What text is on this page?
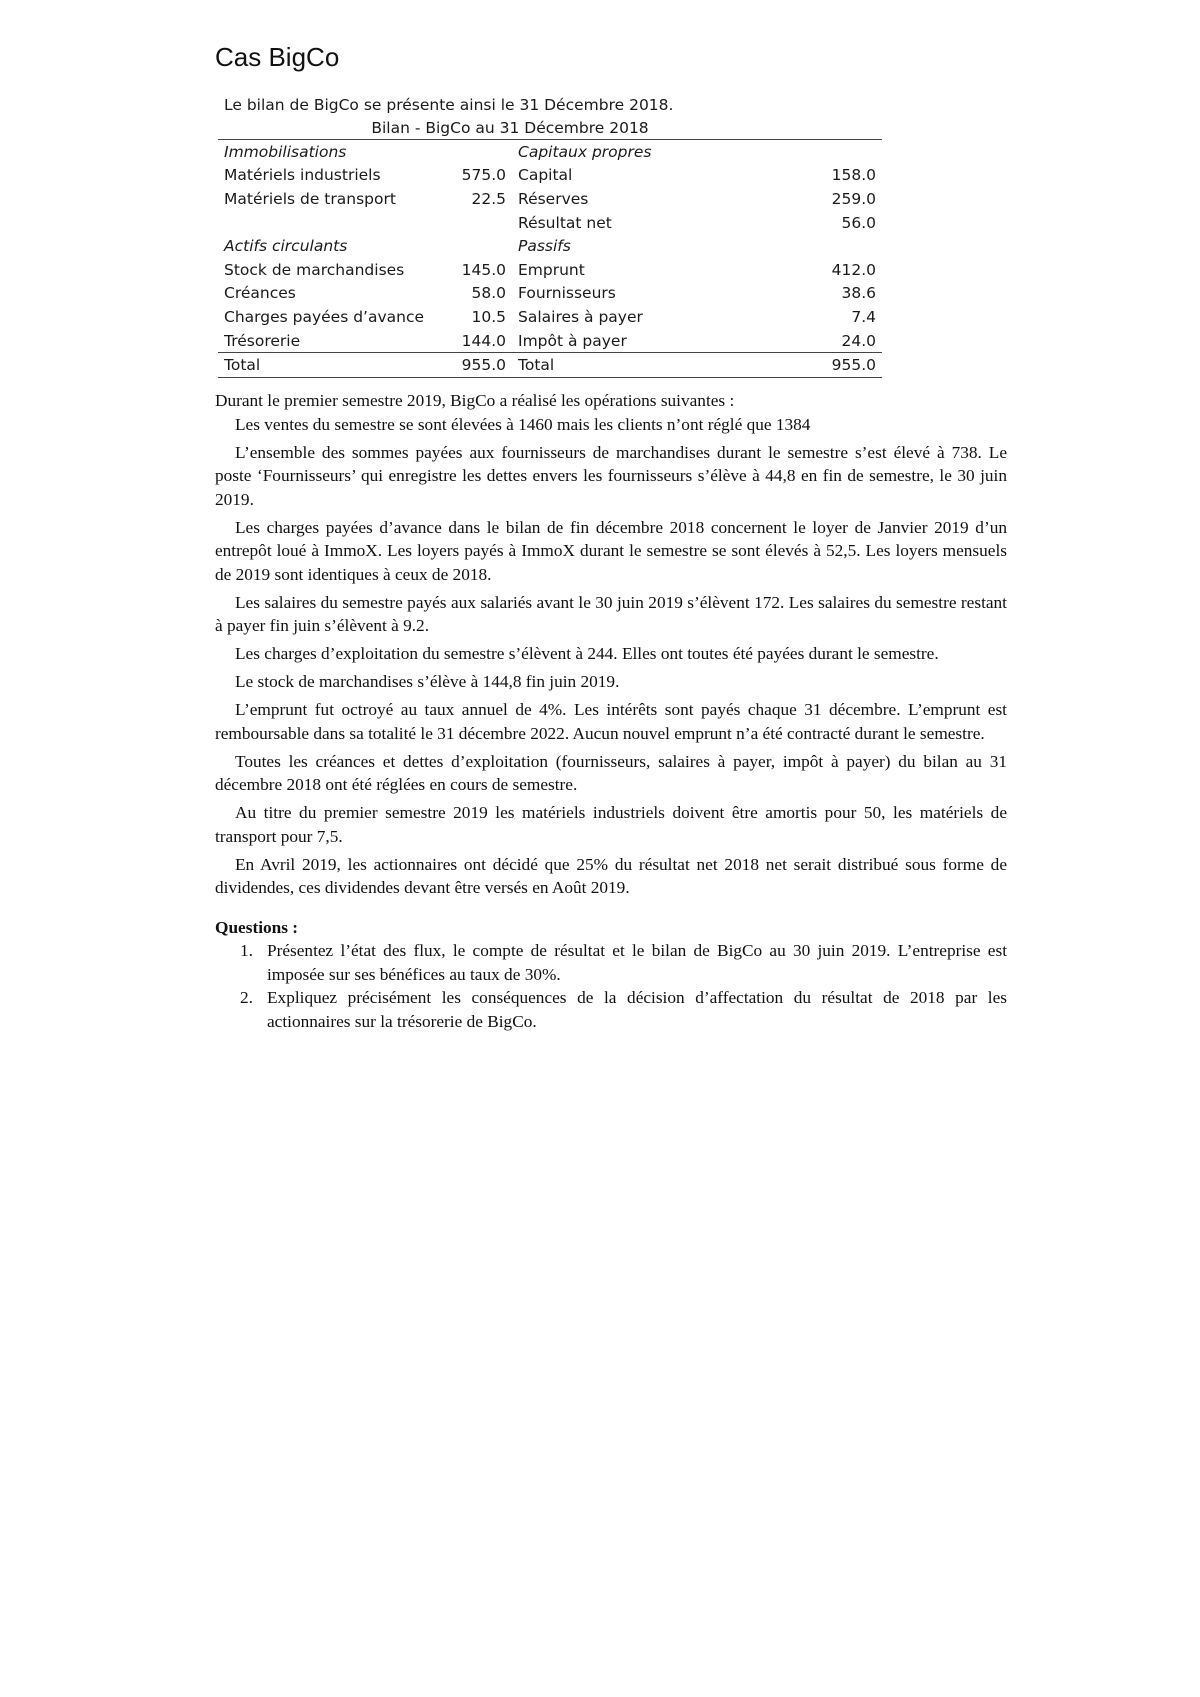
Cas BigCo
Le bilan de BigCo se présente ainsi le 31 Décembre 2018.
Bilan - BigCo au 31 Décembre 2018
Immobilisations		Capitaux propres	
Matériels industriels	575.0	Capital	158.0
Matériels de transport	22.5	Réserves	259.0
		Résultat net	56.0
Actifs circulants		Passifs	
Stock de marchandises	145.0	Emprunt	412.0
Créances	58.0	Fournisseurs	38.6
Charges payées d’avance	10.5	Salaires à payer	7.4
Trésorerie	144.0	Impôt à payer	24.0
Total	955.0	Total	955.0

Durant le premier semestre 2019, BigCo a réalisé les opérations suivantes :

Les ventes du semestre se sont élevées à 1460 mais les clients n’ont réglé que 1384

L’ensemble des sommes payées aux fournisseurs de marchandises durant le semestre s’est élevé à 738. Le poste ‘Fournisseurs’ qui enregistre les dettes envers les fournisseurs s’élève à 44,8 en fin de semestre, le 30 juin 2019.

Les charges payées d’avance dans le bilan de fin décembre 2018 concernent le loyer de Janvier 2019 d’un entrepôt loué à ImmoX. Les loyers payés à ImmoX durant le semestre se sont élevés à 52,5. Les loyers mensuels de 2019 sont identiques à ceux de 2018.

Les salaires du semestre payés aux salariés avant le 30 juin 2019 s’élèvent 172. Les salaires du semestre restant à payer fin juin s’élèvent à 9.2.

Les charges d’exploitation du semestre s’élèvent à 244. Elles ont toutes été payées durant le semestre.

Le stock de marchandises s’élève à 144,8 fin juin 2019.

L’emprunt fut octroyé au taux annuel de 4%. Les intérêts sont payés chaque 31 décembre. L’emprunt est remboursable dans sa totalité le 31 décembre 2022. Aucun nouvel emprunt n’a été contracté durant le semestre.

Toutes les créances et dettes d’exploitation (fournisseurs, salaires à payer, impôt à payer) du bilan au 31 décembre 2018 ont été réglées en cours de semestre.

Au titre du premier semestre 2019 les matériels industriels doivent être amortis pour 50, les matériels de transport pour 7,5.

En Avril 2019, les actionnaires ont décidé que 25% du résultat net 2018 net serait distribué sous forme de dividendes, ces dividendes devant être versés en Août 2019.

Questions :
1. Présentez l’état des flux, le compte de résultat et le bilan de BigCo au 30 juin 2019. L’entreprise est imposée sur ses bénéfices au taux de 30%.
2. Expliquez précisément les conséquences de la décision d’affectation du résultat de 2018 par les actionnaires sur la trésorerie de BigCo.
